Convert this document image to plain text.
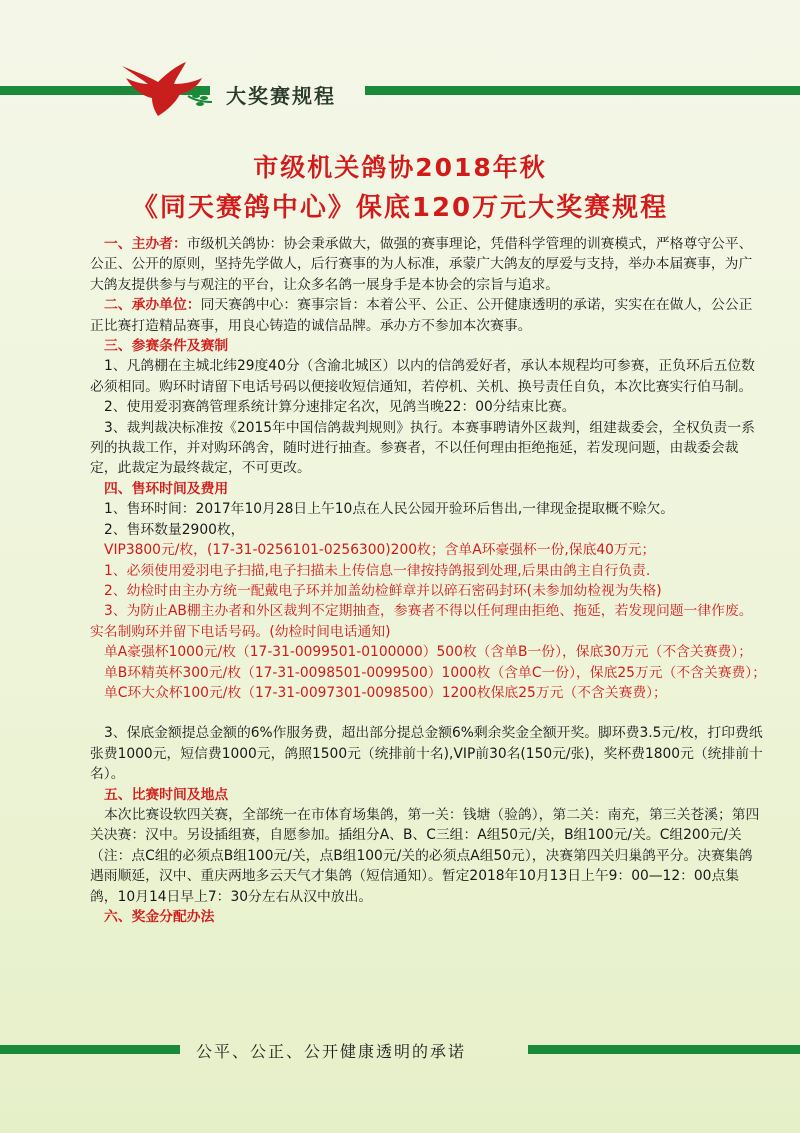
大奖赛规程
市级机关鸽协2018年秋
《同天赛鸽中心》保底120万元大奖赛规程

一、主办者：市级机关鸽协：协会秉承做大，做强的赛事理论，凭借科学管理的训赛模式，严格尊守公平、公正、公开的原则，坚持先学做人，后行赛事的为人标准，承蒙广大鸽友的厚爱与支持，举办本届赛事，为广大鸽友提供参与与观注的平台，让众多名鸽一展身手是本协会的宗旨与追求。

二、承办单位：同天赛鸽中心：赛事宗旨：本着公平、公正、公开健康透明的承诺，实实在在做人，公公正正比赛打造精品赛事，用良心铸造的诚信品牌。承办方不参加本次赛事。

三、参赛条件及赛制

1、凡鸽棚在主城北纬29度40分（含渝北城区）以内的信鸽爱好者，承认本规程均可参赛，正负环后五位数必须相同。购环时请留下电话号码以便接收短信通知，若停机、关机、换号责任自负，本次比赛实行伯马制。

2、使用爱羽赛鸽管理系统计算分速排定名次，见鸽当晚22：00分结束比赛。

3、裁判裁决标准按《2015年中国信鸽裁判规则》执行。本赛事聘请外区裁判，组建裁委会，全权负责一系列的执裁工作，并对购环鸽舍，随时进行抽查。参赛者，不以任何理由拒绝拖延，若发现问题，由裁委会裁定，此裁定为最终裁定，不可更改。

四、售环时间及费用

1、售环时间：2017年10月28日上午10点在人民公园开验环后售出,一律现金提取概不赊欠。

2、售环数量2900枚，

VIP3800元/枚，(17-31-0256101-0256300)200枚；含单A环豪强杯一份,保底40万元；

1、必须使用爱羽电子扫描,电子扫描未上传信息一律按持鸽报到处理,后果由鸽主自行负责.

2、幼检时由主办方统一配戴电子环并加盖幼检鲜章并以碎石密码封环(未参加幼检视为失格)

3、为防止AB棚主办者和外区裁判不定期抽查，参赛者不得以任何理由拒绝、拖延，若发现问题一律作废。实名制购环并留下电话号码。(幼检时间电话通知)

单A豪强杯1000元/枚（17-31-0099501-0100000）500枚（含单B一份），保底30万元（不含关赛费）；

单B环精英杯300元/枚（17-31-0098501-0099500）1000枚（含单C一份），保底25万元（不含关赛费）；

单C环大众杯100元/枚（17-31-0097301-0098500）1200枚保底25万元（不含关赛费）；

3、保底金额提总金额的6%作服务费，超出部分提总金额6%剩余奖金全额开奖。脚环费3.5元/枚，打印费纸张费1000元，短信费1000元，鸽照1500元（统排前十名),VIP前30名(150元/张)，奖杯费1800元（统排前十名）。

五、比赛时间及地点

本次比赛设软四关赛，全部统一在市体育场集鸽，第一关：钱塘（验鸽），第二关：南充，第三关苍溪；第四关决赛：汉中。另设插组赛，自愿参加。插组分A、B、C三组：A组50元/关，B组100元/关。C组200元/关（注：点C组的必须点B组100元/关，点B组100元/关的必须点A组50元），决赛第四关归巢鸽平分。决赛集鸽遇雨顺延，汉中、重庆两地多云天气才集鸽（短信通知）。暂定2018年10月13日上午9：00—12：00点集鸽，10月14日早上7：30分左右从汉中放出。

六、奖金分配办法

公平、公正、公开健康透明的承诺
